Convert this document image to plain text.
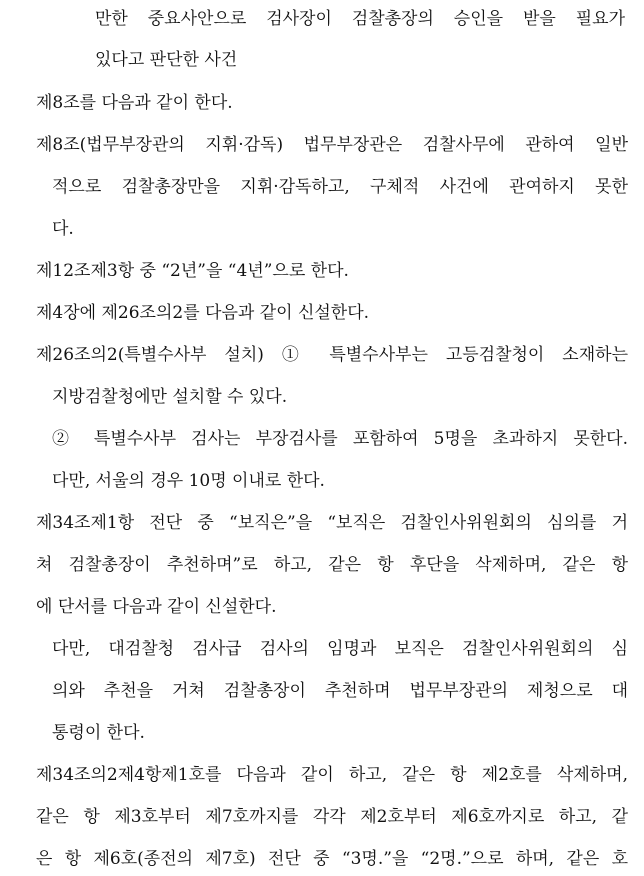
만한 중요사안으로 검사장이 검찰총장의 승인을 받을 필요가
있다고 판단한 사건
제8조를 다음과 같이 한다.
제8조(법무부장관의 지휘·감독) 법무부장관은 검찰사무에 관하여 일반
적으로 검찰총장만을 지휘·감독하고, 구체적 사건에 관여하지 못한
다.
제12조제3항 중 “2년”을 “4년”으로 한다.
제4장에 제26조의2를 다음과 같이 신설한다.
제26조의2(특별수사부 설치) ① 특별수사부는 고등검찰청이 소재하는
지방검찰청에만 설치할 수 있다.
② 특별수사부 검사는 부장검사를 포함하여 5명을 초과하지 못한다.
다만, 서울의 경우 10명 이내로 한다.
제34조제1항 전단 중 “보직은”을 “보직은 검찰인사위원회의 심의를 거
쳐 검찰총장이 추천하며”로 하고, 같은 항 후단을 삭제하며, 같은 항
에 단서를 다음과 같이 신설한다.
다만, 대검찰청 검사급 검사의 임명과 보직은 검찰인사위원회의 심
의와 추천을 거쳐 검찰총장이 추천하며 법무부장관의 제청으로 대
통령이 한다.
제34조의2제4항제1호를 다음과 같이 하고, 같은 항 제2호를 삭제하며,
같은 항 제3호부터 제7호까지를 각각 제2호부터 제6호까지로 하고, 같
은 항 제6호(종전의 제7호) 전단 중 “3명.”을 “2명.”으로 하며, 같은 호
